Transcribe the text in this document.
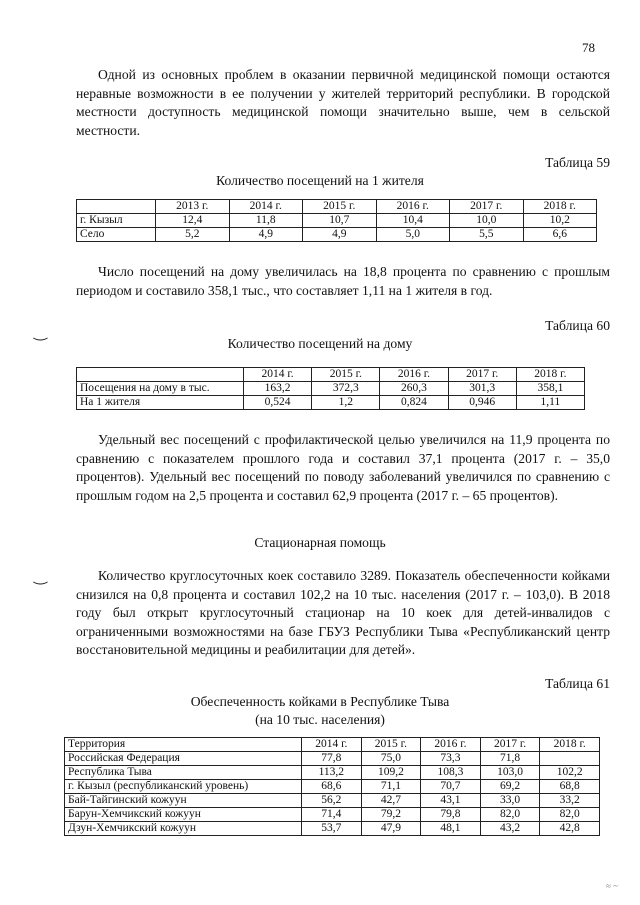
78

Одной из основных проблем в оказании первичной медицинской помощи остаются неравные возможности в ее получении у жителей территорий республики. В городской местности доступность медицинской помощи значительно выше, чем в сельской местности.

Таблица 59
Количество посещений на 1 жителя
	2013 г.	2014 г.	2015 г.	2016 г.	2017 г.	2018 г.
г. Кызыл	12,4	11,8	10,7	10,4	10,0	10,2
Село	5,2	4,9	4,9	5,0	5,5	6,6

Число посещений на дому увеличилась на 18,8 процента по сравнению с прошлым периодом и составило 358,1 тыс., что составляет 1,11 на 1 жителя в год.

‿	Таблица 60
Количество посещений на дому
	2014 г.	2015 г.	2016 г.	2017 г.	2018 г.
Посещения на дому в тыс.	163,2	372,3	260,3	301,3	358,1
На 1 жителя	0,524	1,2	0,824	0,946	1,11

Удельный вес посещений с профилактической целью увеличился на 11,9 процента по сравнению с показателем прошлого года и составил 37,1 процента (2017 г. – 35,0 процентов). Удельный вес посещений по поводу заболеваний увеличился по сравнению с прошлым годом на 2,5 процента и составил 62,9 процента (2017 г. – 65 процентов).

Стационарная помощь
‿	Количество круглосуточных коек составило 3289. Показатель обеспеченности койками снизился на 0,8 процента и составил 102,2 на 10 тыс. населения (2017 г. – 103,0). В 2018 году был открыт круглосуточный стационар на 10 коек для детей-инвалидов с ограниченными возможностями на базе ГБУЗ Республики Тыва «Республиканский центр восстановительной медицины и реабилитации для детей».

Таблица 61
Обеспеченность койками в Республике Тыва
(на 10 тыс. населения)
Территория	2014 г.	2015 г.	2016 г.	2017 г.	2018 г.
Российская Федерация	77,8	75,0	73,3	71,8	
Республика Тыва	113,2	109,2	108,3	103,0	102,2
г. Кызыл (республиканский уровень)	68,6	71,1	70,7	69,2	68,8
Бай-Тайгинский кожуун	56,2	42,7	43,1	33,0	33,2
Барун-Хемчикский кожуун	71,4	79,2	79,8	82,0	82,0
Дзун-Хемчикский кожуун	53,7	47,9	48,1	43,2	42,8
≈ ~
